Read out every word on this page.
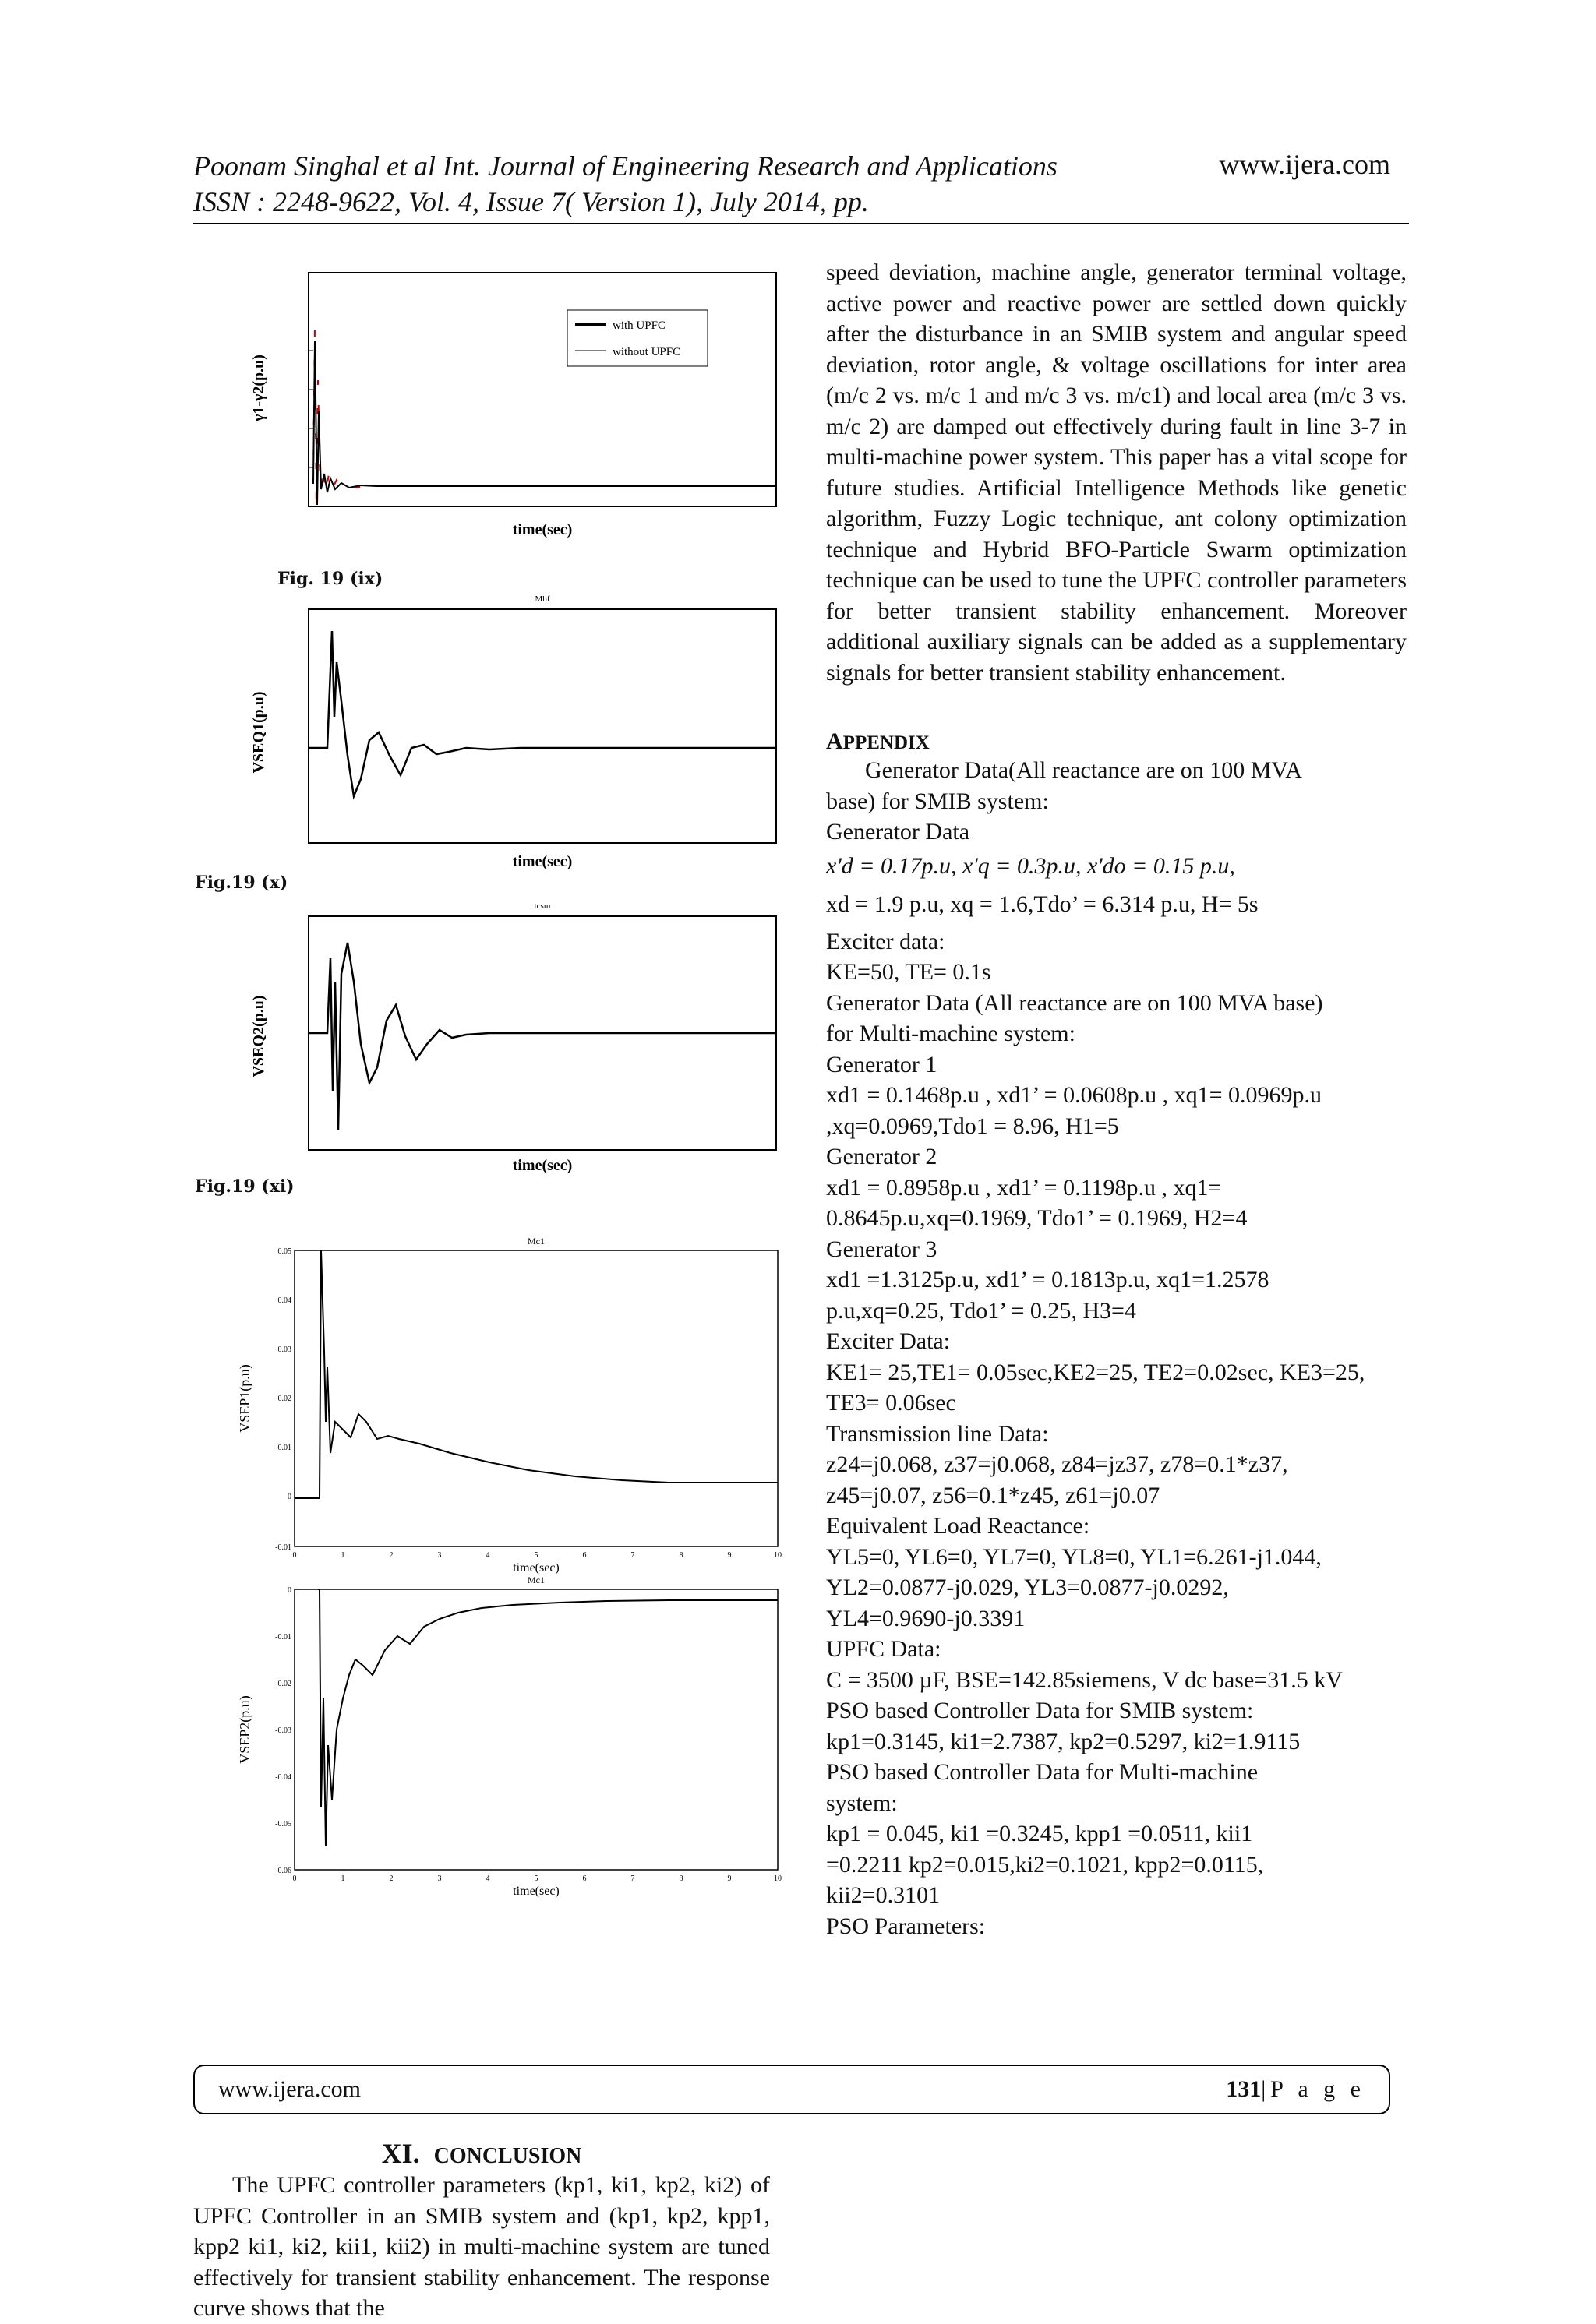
Poonam Singhal et al Int. Journal of Engineering Research and Applications
ISSN : 2248-9622, Vol. 4, Issue 7( Version 1), July 2014, pp.
www.ijera.com
with UPFC
without UPFC
γ1-γ2(p.u)
time(sec)
Fig. 19 (ix)
Mbf
VSEQ1(p.u)
time(sec)
Fig.19 (x)
tcsm
VSEQ2(p.u)
time(sec)
Fig.19 (xi)
Mc1
0.05
0.04
0.03
0.02
0.01
0
-0.01
0	1	2	3	4	5	6	7	8	9	10
VSEP1(p.u)
time(sec)
Mc1
0
-0.01
-0.02
-0.03
-0.04
-0.05
-0.06
0	1	2	3	4	5	6	7	8	9	10
VSEP2(p.u)
time(sec)
XI. CONCLUSION

The UPFC controller parameters (kp1, ki1, kp2, ki2) of UPFC Controller in an SMIB system and (kp1, kp2, kpp1, kpp2 ki1, ki2, kii1, kii2) in multi-machine system are tuned effectively for transient stability enhancement. The response curve shows that the

speed deviation, machine angle, generator terminal voltage, active power and reactive power are settled down quickly after the disturbance in an SMIB system and angular speed deviation, rotor angle, & voltage oscillations for inter area (m/c 2 vs. m/c 1 and m/c 3 vs. m/c1) and local area (m/c 3 vs. m/c 2) are damped out effectively during fault in line 3-7 in multi-machine power system. This paper has a vital scope for future studies. Artificial Intelligence Methods like genetic algorithm, Fuzzy Logic technique, ant colony optimization technique and Hybrid BFO-Particle Swarm optimization technique can be used to tune the UPFC controller parameters for better transient stability enhancement. Moreover additional auxiliary signals can be added as a supplementary signals for better transient stability enhancement.

APPENDIX
Generator Data(All reactance are on 100 MVA
base) for SMIB system:
Generator Data
x'd = 0.17p.u, x'q = 0.3p.u, x'do = 0.15 p.u,
xd = 1.9 p.u, xq = 1.6,Tdo’ = 6.314 p.u, H= 5s
Exciter data:
KE=50, TE= 0.1s
Generator Data (All reactance are on 100 MVA base)
for Multi-machine system:
Generator 1
xd1 = 0.1468p.u , xd1’ = 0.0608p.u , xq1= 0.0969p.u
,xq=0.0969,Tdo1 = 8.96, H1=5
Generator 2
xd1 = 0.8958p.u , xd1’ = 0.1198p.u , xq1=
0.8645p.u,xq=0.1969, Tdo1’ = 0.1969, H2=4
Generator 3
xd1 =1.3125p.u, xd1’ = 0.1813p.u, xq1=1.2578
p.u,xq=0.25, Tdo1’ = 0.25, H3=4
Exciter Data:
KE1= 25,TE1= 0.05sec,KE2=25, TE2=0.02sec, KE3=25,
TE3= 0.06sec
Transmission line Data:
z24=j0.068, z37=j0.068, z84=jz37, z78=0.1*z37,
z45=j0.07, z56=0.1*z45, z61=j0.07
Equivalent Load Reactance:
YL5=0, YL6=0, YL7=0, YL8=0, YL1=6.261-j1.044,
YL2=0.0877-j0.029, YL3=0.0877-j0.0292,
YL4=0.9690-j0.3391
UPFC Data:
C = 3500 µF, BSE=142.85siemens, V dc base=31.5 kV
PSO based Controller Data for SMIB system:
kp1=0.3145, ki1=2.7387, kp2=0.5297, ki2=1.9115
PSO based Controller Data for Multi-machine
system:
kp1 = 0.045, ki1 =0.3245, kpp1 =0.0511, kii1
=0.2211 kp2=0.015,ki2=0.1021, kpp2=0.0115,
kii2=0.3101
PSO Parameters:
www.ijera.com	131|P a g e
